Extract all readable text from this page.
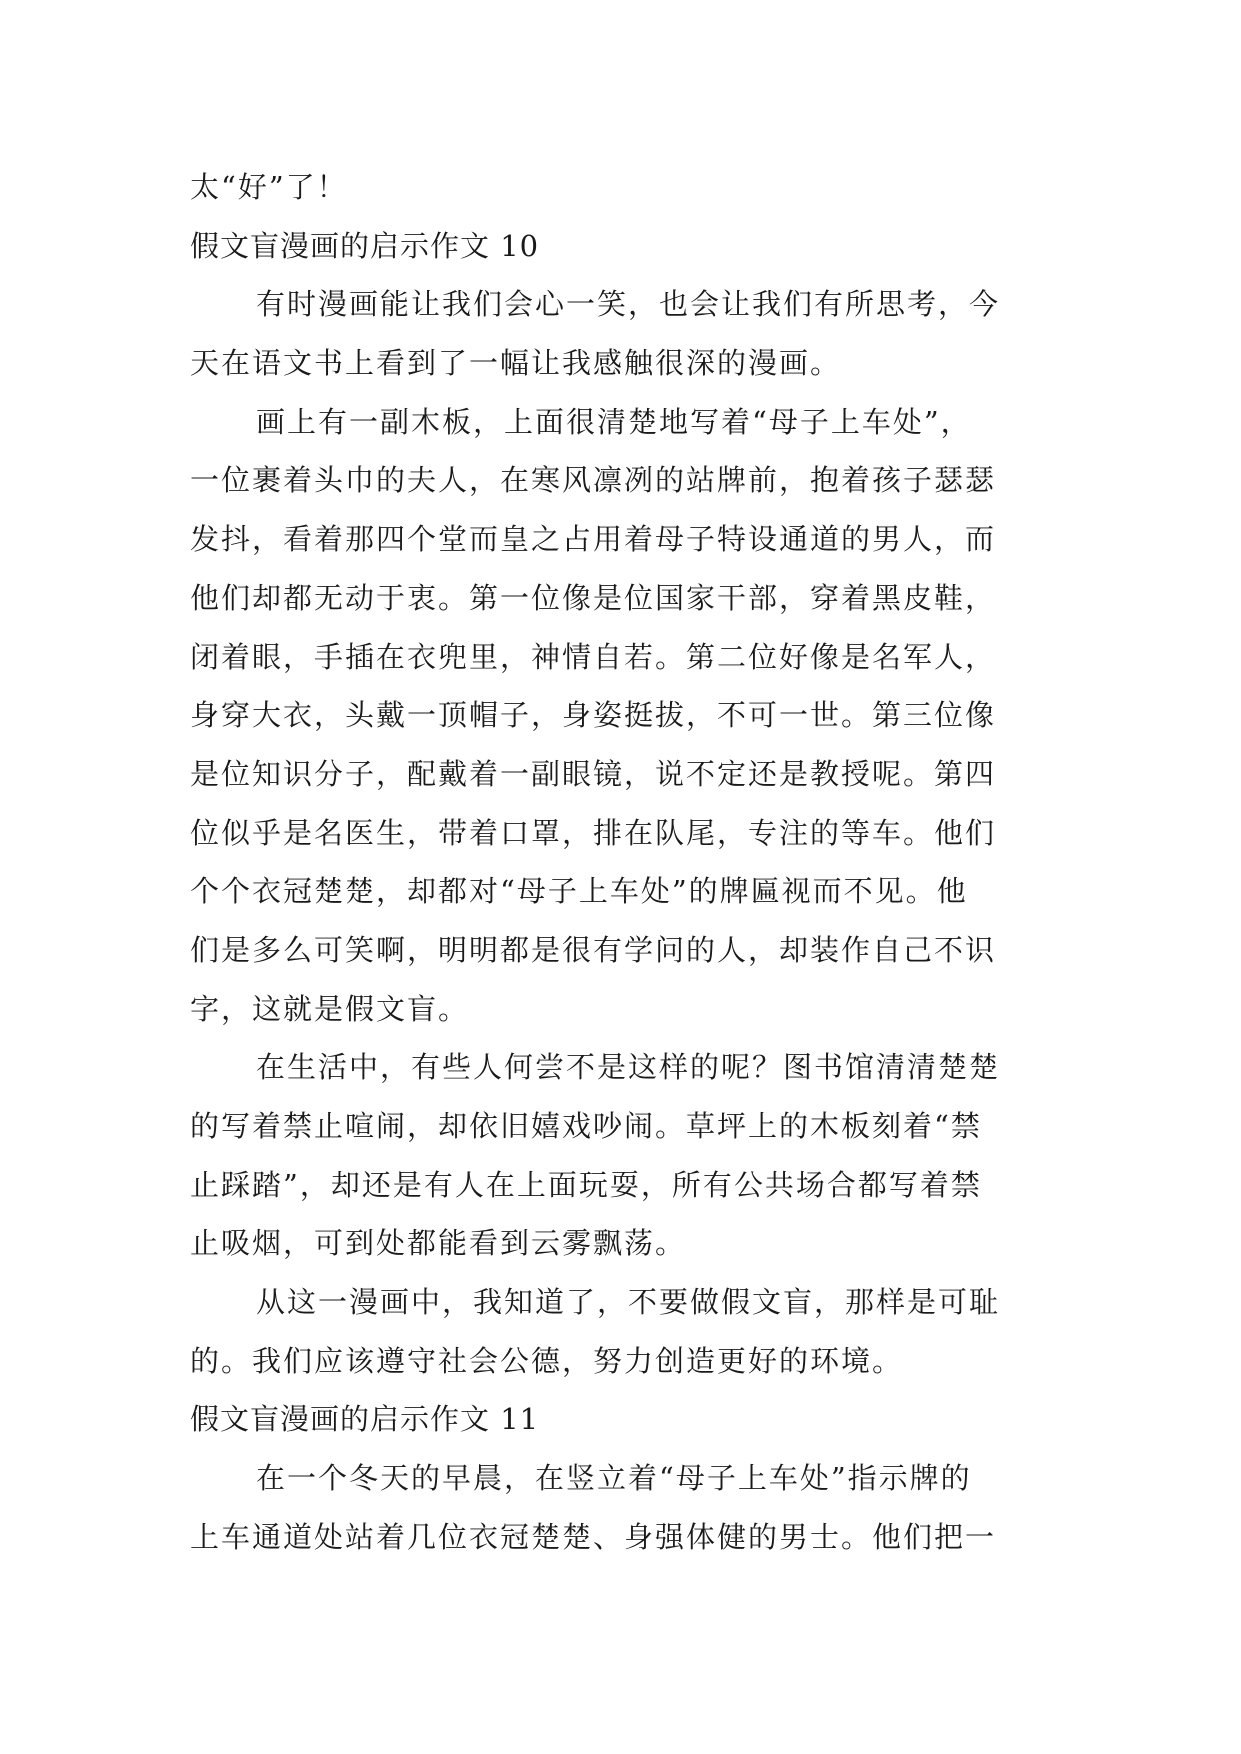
太“好”了！
假文盲漫画的启示作文 10
有时漫画能让我们会心一笑，也会让我们有所思考，今
天在语文书上看到了一幅让我感触很深的漫画。
画上有一副木板，上面很清楚地写着“母子上车处”，
一位裹着头巾的夫人，在寒风凛冽的站牌前，抱着孩子瑟瑟
发抖，看着那四个堂而皇之占用着母子特设通道的男人，而
他们却都无动于衷。第一位像是位国家干部，穿着黑皮鞋，
闭着眼，手插在衣兜里，神情自若。第二位好像是名军人，
身穿大衣，头戴一顶帽子，身姿挺拔，不可一世。第三位像
是位知识分子，配戴着一副眼镜，说不定还是教授呢。第四
位似乎是名医生，带着口罩，排在队尾，专注的等车。他们
个个衣冠楚楚，却都对“母子上车处”的牌匾视而不见。他
们是多么可笑啊，明明都是很有学问的人，却装作自己不识
字，这就是假文盲。
在生活中，有些人何尝不是这样的呢？图书馆清清楚楚
的写着禁止喧闹，却依旧嬉戏吵闹。草坪上的木板刻着“禁
止踩踏”，却还是有人在上面玩耍，所有公共场合都写着禁
止吸烟，可到处都能看到云雾飘荡。
从这一漫画中，我知道了，不要做假文盲，那样是可耻
的。我们应该遵守社会公德，努力创造更好的环境。
假文盲漫画的启示作文 11
在一个冬天的早晨，在竖立着“母子上车处”指示牌的
上车通道处站着几位衣冠楚楚、身强体健的男士。他们把一
